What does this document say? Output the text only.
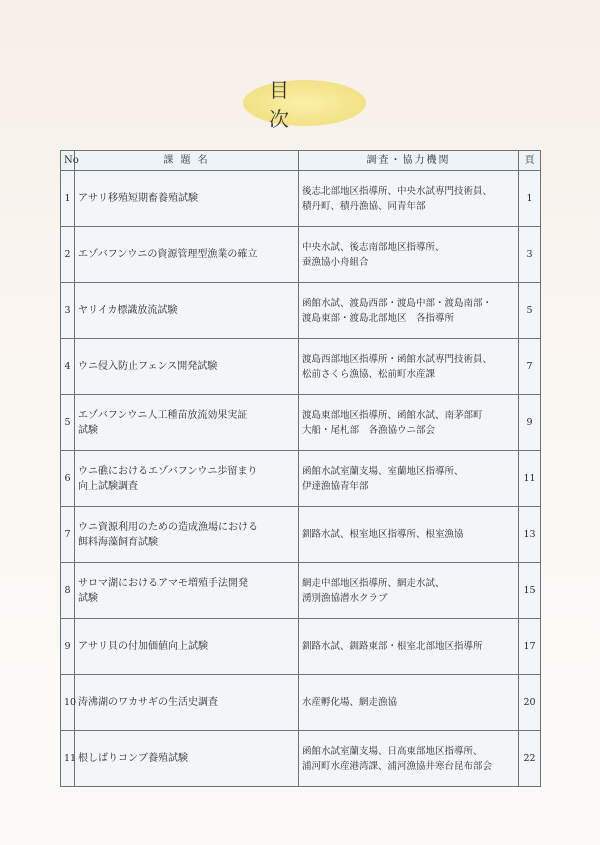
目　次
No	課 題 名	調査・協力機関	頁
1	アサリ移殖短期畜養殖試験	後志北部地区指導所、中央水試専門技術員、
積丹町、積丹漁協、同青年部	1
2	エゾバフンウニの資源管理型漁業の確立	中央水試、後志南部地区指導所、
蚕漁協小舟組合	3
3	ヤリイカ標識放流試験	函館水試、渡島西部・渡島中部・渡島南部・
渡島東部・渡島北部地区　各指導所	5
4	ウニ侵入防止フェンス開発試験	渡島西部地区指導所・函館水試専門技術員、
松前さくら漁協、松前町水産課	7
5	エゾバフンウニ人工種苗放流効果実証
試験	渡島東部地区指導所、函館水試、南茅部町
大船・尾札部　各漁協ウニ部会	9
6	ウニ礁におけるエゾバフンウニ歩留まり
向上試験調査	函館水試室蘭支場、室蘭地区指導所、
伊達漁協青年部	11
7	ウニ資源利用のための造成漁場における
餌料海藻飼育試験	釧路水試、根室地区指導所、根室漁協	13
8	サロマ湖におけるアマモ増殖手法開発
試験	網走中部地区指導所、網走水試、
湧別漁協潜水クラブ	15
9	アサリ貝の付加価値向上試験	釧路水試、釧路東部・根室北部地区指導所	17
10	涛沸湖のワカサギの生活史調査	水産孵化場、網走漁協	20
11	根しばりコンブ養殖試験	函館水試室蘭支場、日高東部地区指導所、
浦河町水産港湾課、浦河漁協井寒台昆布部会	22
